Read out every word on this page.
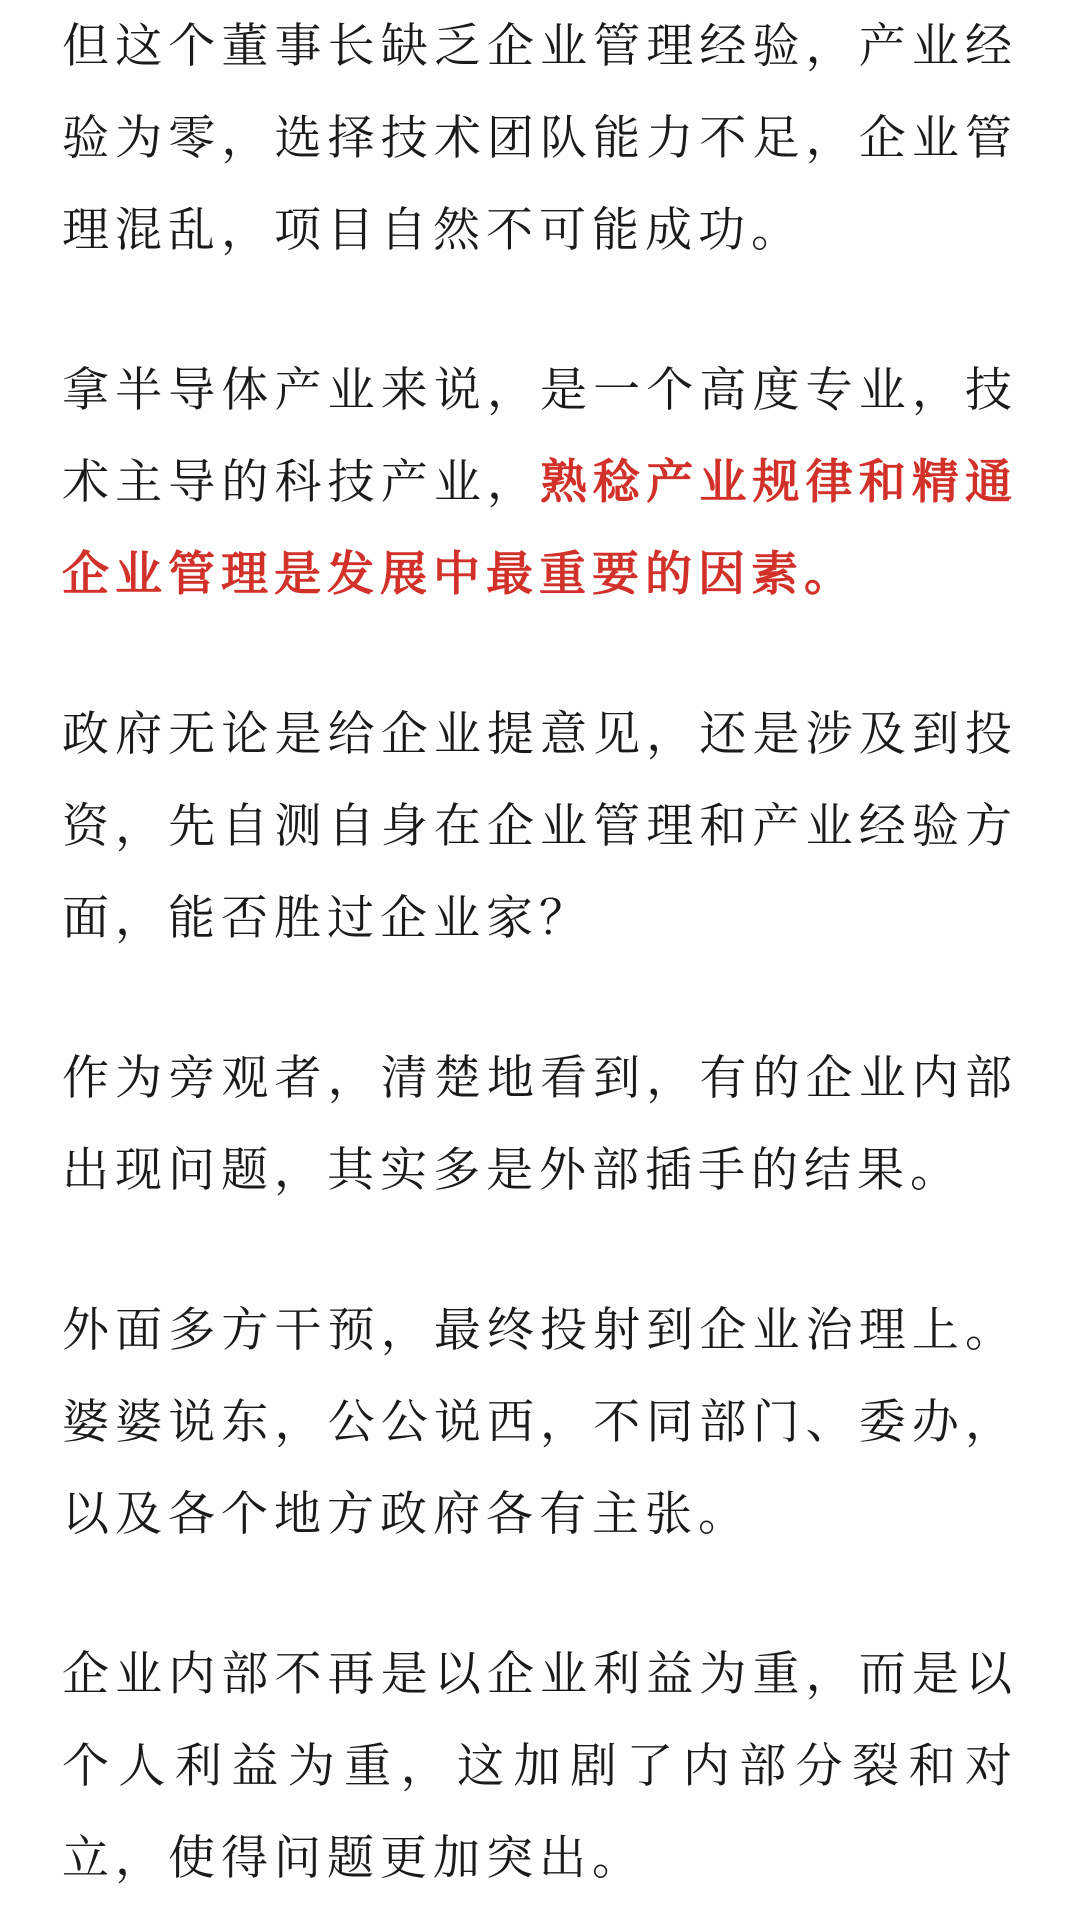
但这个董事长缺乏企业管理经验，产业经验为零，选择技术团队能力不足，企业管理混乱，项目自然不可能成功。

拿半导体产业来说，是一个高度专业，技术主导的科技产业，熟稔产业规律和精通企业管理是发展中最重要的因素。

政府无论是给企业提意见，还是涉及到投资，先自测自身在企业管理和产业经验方面，能否胜过企业家？

作为旁观者，清楚地看到，有的企业内部出现问题，其实多是外部插手的结果。

外面多方干预，最终投射到企业治理上。婆婆说东，公公说西，不同部门、委办，以及各个地方政府各有主张。

企业内部不再是以企业利益为重，而是以个人利益为重，这加剧了内部分裂和对立，使得问题更加突出。
